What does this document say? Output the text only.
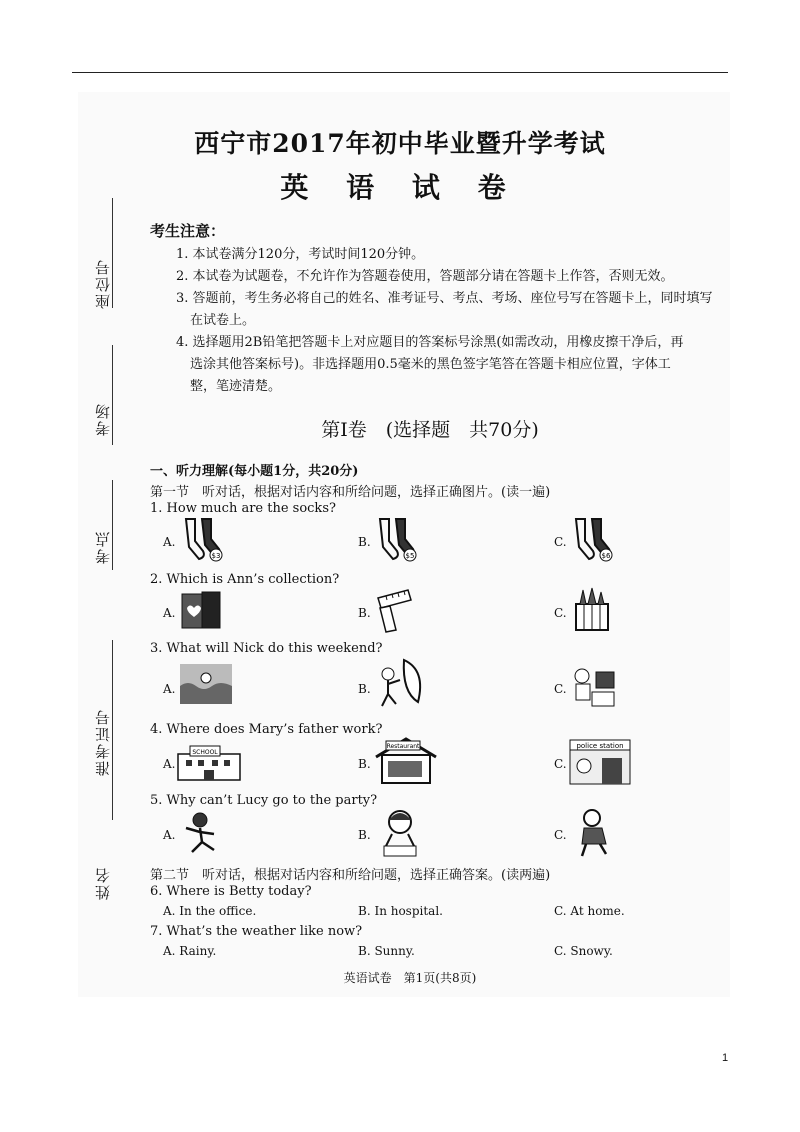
西宁市2017年初中毕业暨升学考试
英 语 试 卷
座位号
考场
考点
准考证号
姓名
考生注意：
1. 本试卷满分120分，考试时间120分钟。
2. 本试卷为试题卷，不允许作为答题卷使用，答题部分请在答题卡上作答，否则无效。
3. 答题前，考生务必将自己的姓名、准考证号、考点、考场、座位号写在答题卡上，同时填写
在试卷上。
4. 选择题用2B铅笔把答题卡上对应题目的答案标号涂黑(如需改动，用橡皮擦干净后，再
选涂其他答案标号)。非选择题用0.5毫米的黑色签字笔答在答题卡相应位置，字体工
整，笔迹清楚。
第Ⅰ卷　(选择题　共70分)
一、听力理解(每小题1分，共20分)
第一节　听对话，根据对话内容和所给问题，选择正确图片。(读一遍)
1. How much are the socks?
A.
$3
B.
$5
C.
$6
2. Which is Ann’s collection?
A.	B.	C.
3. What will Nick do this weekend?
A.	B.	C.
4. Where does Mary’s father work?
A.
SCHOOL
B.
Restaurant
C.
police station
5. Why can’t Lucy go to the party?
A.	B.	C.
第二节　听对话，根据对话内容和所给问题，选择正确答案。(读两遍)
6. Where is Betty today?
A. In the office.	B. In hospital.	C. At home.
7. What’s the weather like now?
A. Rainy.	B. Sunny.	C. Snowy.
英语试卷　第1页(共8页)
1
